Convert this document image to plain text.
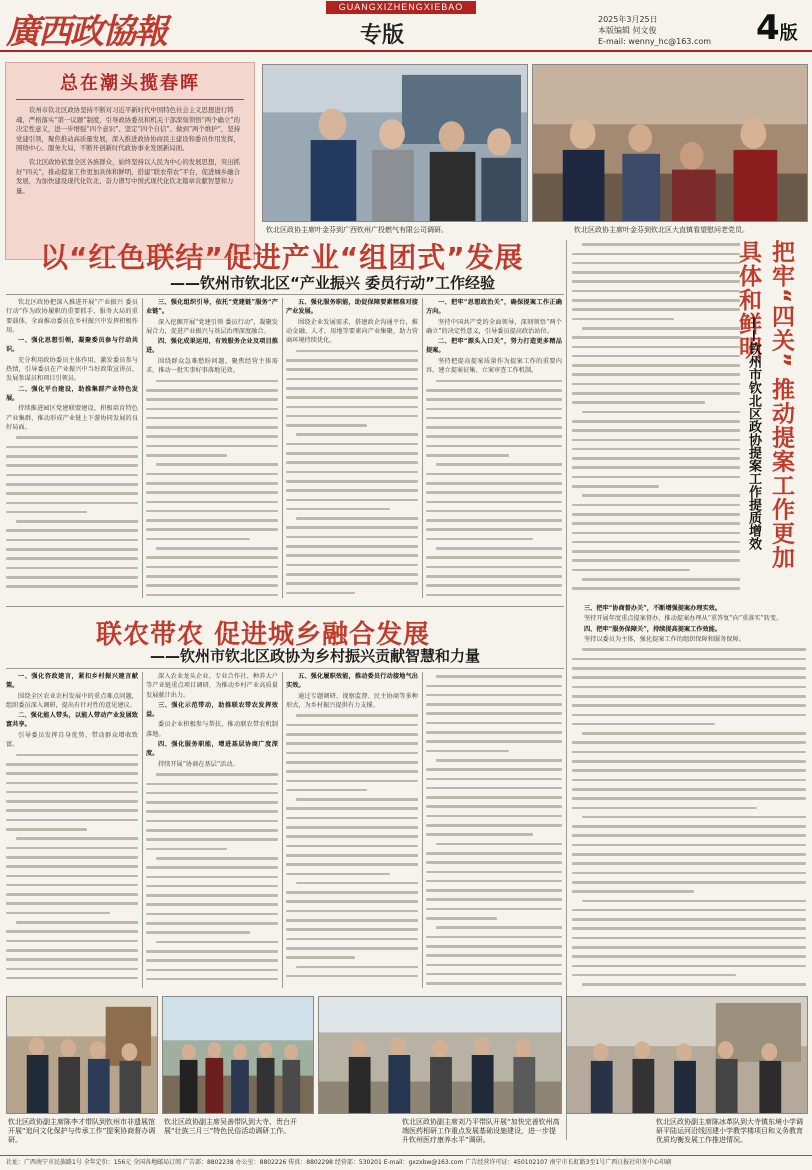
廣西政協報
GUANGXIZHENGXIEBAO
专版
2025年3月25日
本版编辑 何文俊
E-mail: wenny_hc@163.com 4版
总在潮头揽春晖

钦州市钦北区政协坚持不断对习近平新时代中国特色社会主义思想进行铸魂，严格落实“第一议题”制度，引导政协委员和机关干部深刻领悟“两个确立”的决定性意义，进一步增强“四个意识”、坚定“四个自信”、做到“两个维护”，坚持党建引领，聚焦推动高质量发展，深入推进政协协商民主建设和委员作用发挥，围绕中心、服务大局，不断开创新时代政协事业发展新局面。

钦北区政协依靠全区各族群众，始终坚持以人民为中心的发展思想，突出抓好“四关”，推动提案工作更加具体和鲜明，搭建“联农带农”平台，促进城乡融合发展，为加快建设现代化钦北、奋力谱写中国式现代化钦北篇章贡献智慧和力量。

钦北区政协主席叶金芬到广西钦州广投燃气有限公司调研。	钦北区政协主席叶金芬到钦北区大直镇看望慰问老党员。
以“红色联结”促进产业“组团式”发展
——钦州市钦北区“产业振兴 委员行动”工作经验

钦北区政协把深入推进开展“产业振兴 委员行动”作为政协履职的重要抓手，服务大局的重要载体，全面推动委员在乡村振兴中发挥积极作用。

一、强化思想引领，凝聚委员参与行动共识。

充分利用政协委员主体作用，激发委员参与热情，引导委员在产业振兴中当好政策宣讲员、发展参谋员和项目引领员。

二、强化平台建设，助推集群产业特色发展。

持续推进园区党建联盟建设，积极培育特色产业集群，推动形成产业链上下游协同发展的良好局面。

三、强化组织引导，依托“党建链”服务“产业链”。

深入挖掘开展“党建引领 委员行动”，凝聚发展合力，促进产业振兴与基层治理深度融合。

四、强化成果运用，有效服务企业及项目推进。

围绕群众急难愁盼问题，聚焦经营主体需求，推动一批实事好事落地见效。

五、强化服务职能，助促保障要素精准对接产业发展。

围绕企业发展需求，搭建政企沟通平台，推动金融、人才、用地等要素向产业集聚，助力营商环境持续优化。

一、把牢“思想政治关”，确保提案工作正确方向。

坚持中国共产党的全面领导，深刻领悟“两个确立”的决定性意义，引导委员提高政治站位。

二、把牢“源头入口关”，努力打造更多精品提案。

坚持把提高提案质量作为提案工作的重要内容，建立提案征集、立案审查工作机制。	把牢“四关” 推动提案工作更加具体和鲜明
——钦州市钦北区政协提案工作提质增效
联农带农 促进城乡融合发展
——钦州市钦北区政协为乡村振兴贡献智慧和力量

一、强化咨政建言，紧扣乡村振兴建言献策。

围绕全区农业农村发展中的重点难点问题，组织委员深入调研，提出有针对性的意见建议。

二、强化能人带头，以能人带动产业发展致富共享。

引导委员发挥自身优势，带动群众增收致富。

深入农业龙头企业、专业合作社、种养大户等产业链重点项目调研，为推动乡村产业高质量发展献计出力。

三、强化示范带动，助推联农带农发挥效益。

委员企业积极参与帮扶，推动联农带农机制落地。

四、强化服务职能，增进基层协商广度深度。

持续开展“协商在基层”活动。

五、强化履职效能，推动委员行动接地气出实效。

通过专题调研、视察监督、民主协商等多种形式，为乡村振兴提供有力支撑。

三、把牢“协商督办关”，不断增强提案办理实效。

坚持开展年度重点提案督办，推动提案办理从“重答复”向“重落实”转变。

四、把牢“服务保障关”，持续提高提案工作效能。

坚持以委员为主体，强化提案工作的组织保障和服务保障。

钦北区政协副主席陈李才带队到钦州市非遗展馆开展“追问文化保护与传承工作”提案协商督办调研。
钦北区政协副主席吴善带队到大寺、贵台开展“壮族三月三”特色民俗活动调研工作。
钦北区政协副主席刘乃平带队开展“加快完善钦州高端医药相研工作重点发展基础设施建设，进一步提升钦州医疗康养水平”调研。
钦北区政协副主席陈冰革队到大寺镇东境小学调研平陆运河沿线因建小学教学楼项目和义务教育优质均衡发展工作推进情况。
社址：广西南宁市民族路1号 全年定价：156元 全国各地邮局订阅 广告部：8802238 办公室：8802226 传真：8802298 经营部：530201 E-mail：gxzxbw@163.com 广告经营许可证：450102107 南宁市长虹路3至1号广西日报社印务中心印刷
